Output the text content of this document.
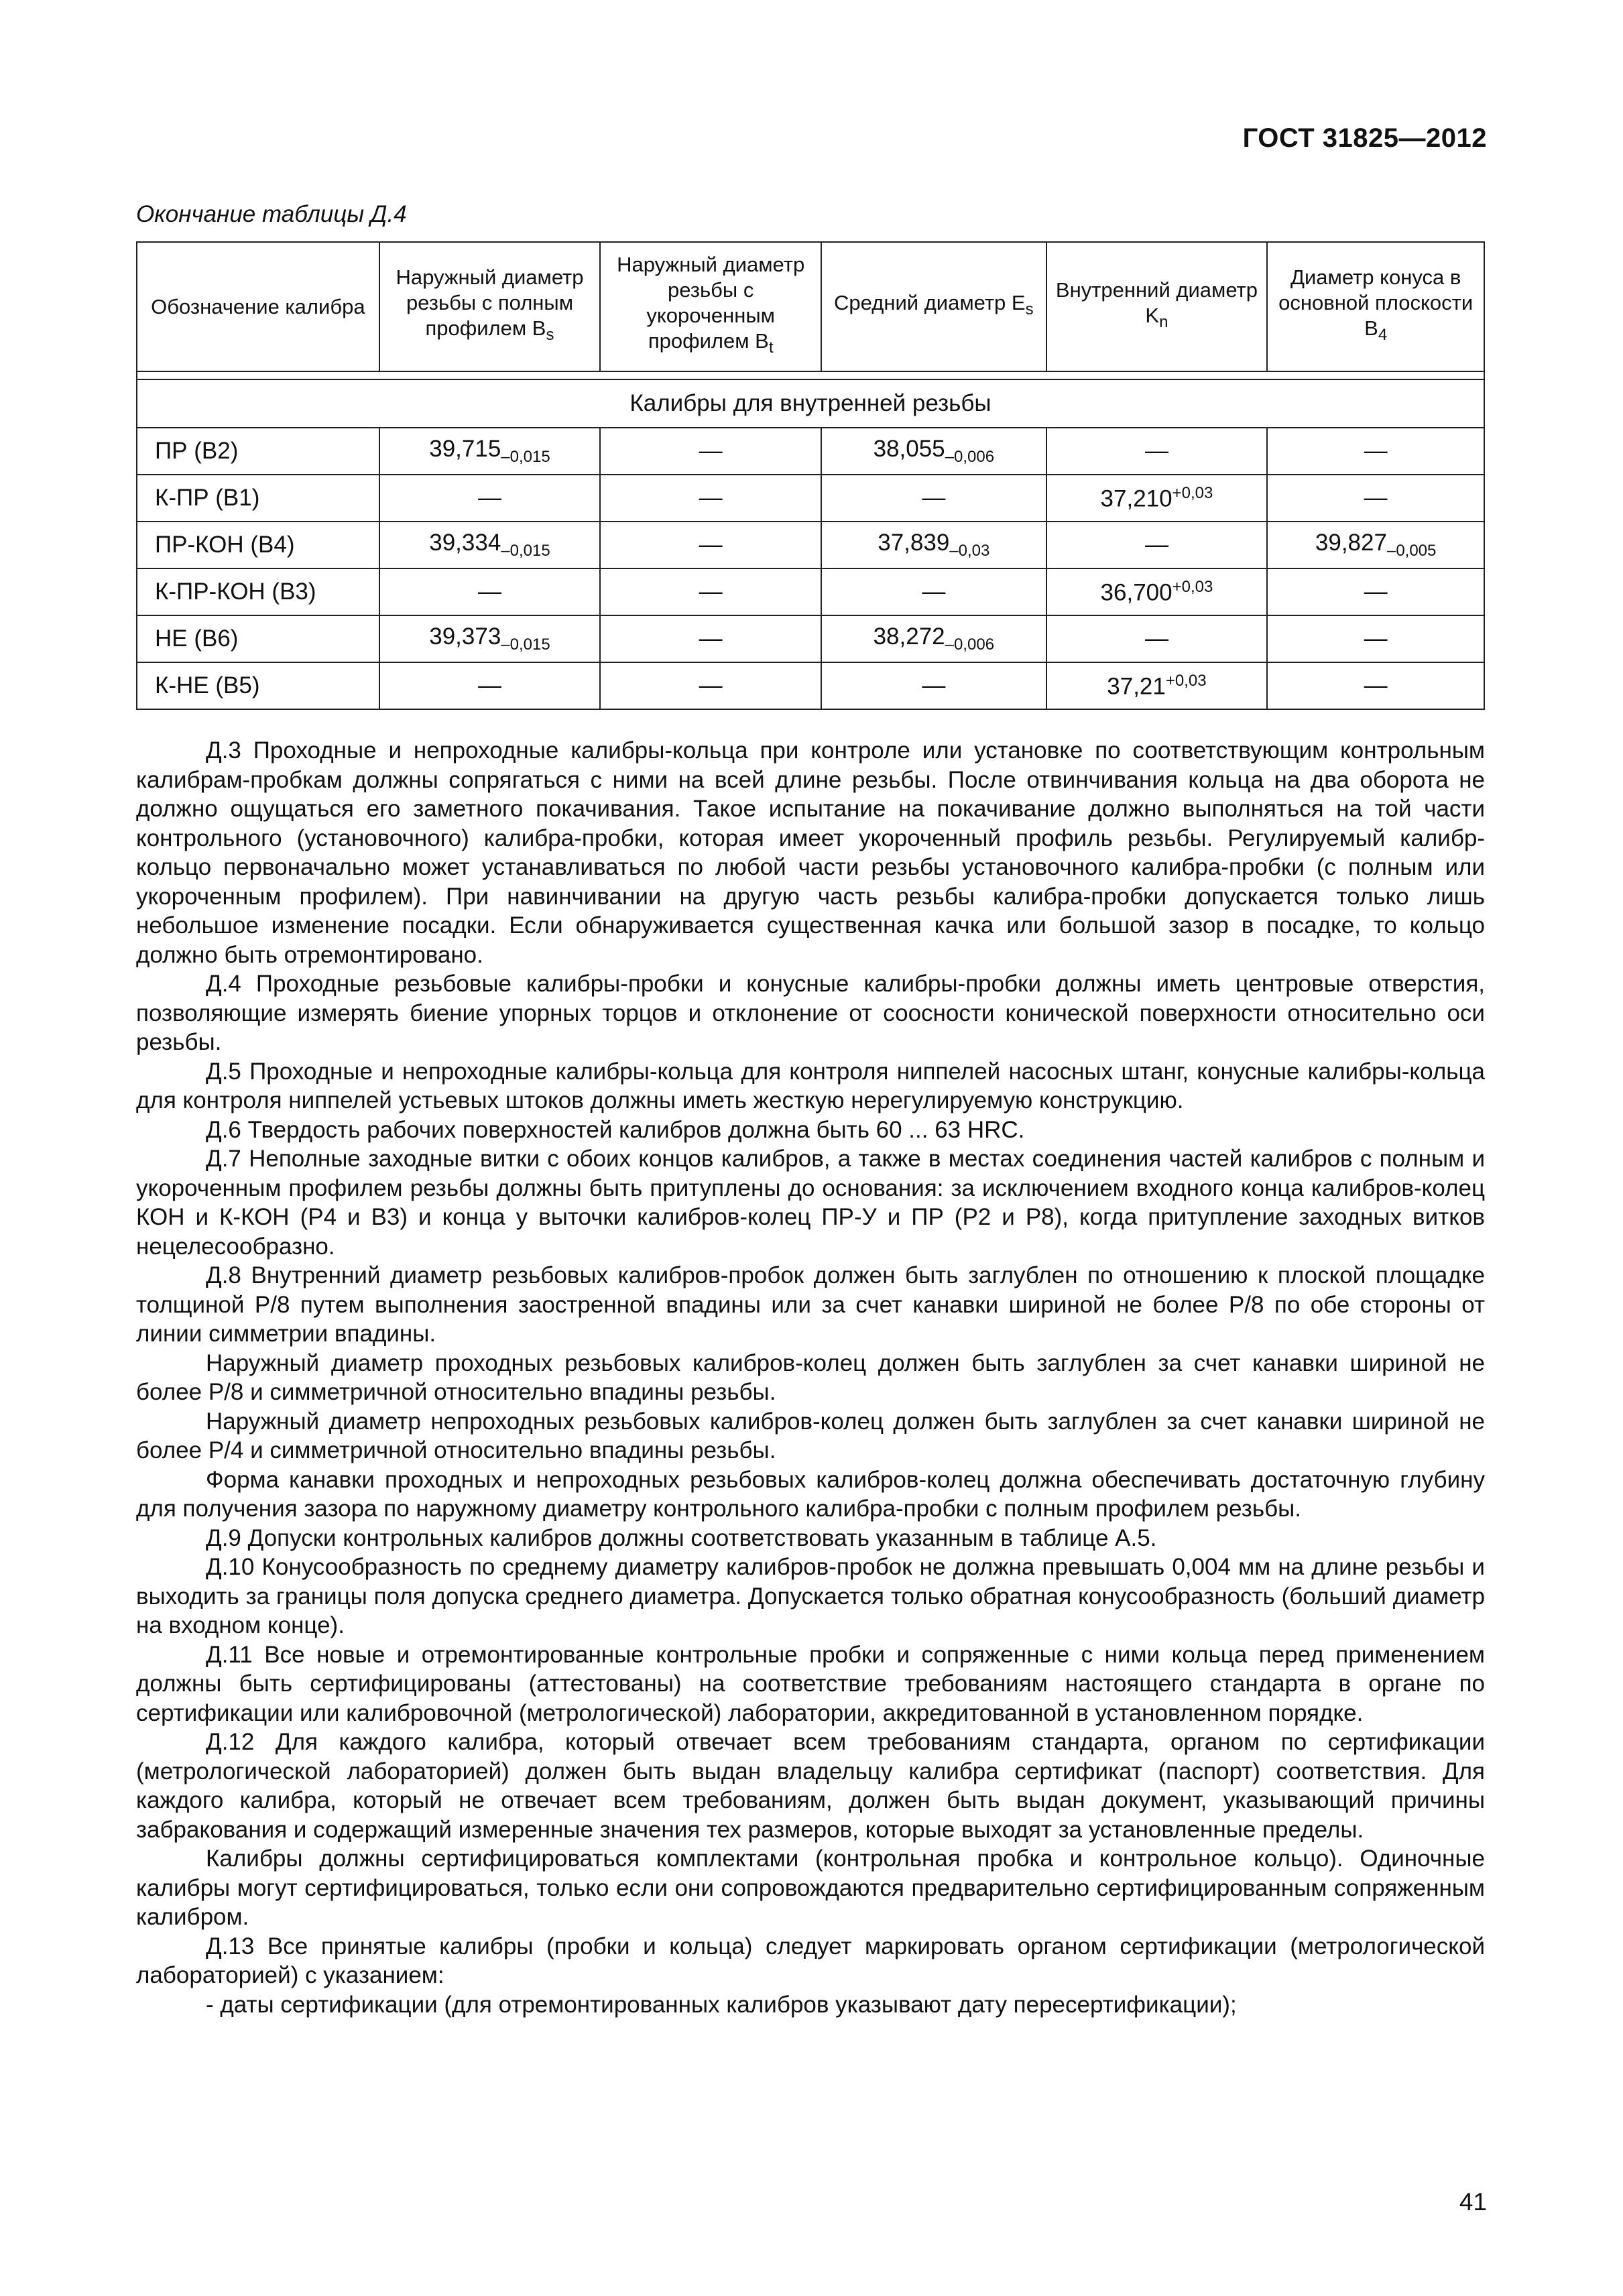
ГОСТ 31825—2012
Окончание таблицы Д.4
Обозначение калибра	Наружный диаметр резьбы с полным профилем $B_s$	Наружный диаметр резьбы с укороченным профилем $B_t$	Средний диаметр $E_s$	Внутренний диаметр $K_n$	Диаметр конуса в основной плоскости $B_4$

Калибры для внутренней резьбы					
ПР (В2)	$39,715_{-0,015}$	—	$38,055_{-0,006}$	—	—
К-ПР (В1)	—	—	—	$37,210^{+0,03}$	—
ПР-КОН (В4)	$39,334_{-0,015}$	—	$37,839_{-0,03}$	—	$39,827_{-0,005}$
К-ПР-КОН (В3)	—	—	—	$36,700^{+0,03}$	—
НЕ (В6)	$39,373_{-0,015}$	—	$38,272_{-0,006}$	—	—
К-НЕ (В5)	—	—	—	$37,21^{+0,03}$	—

Д.3 Проходные и непроходные калибры-кольца при контроле или установке по соответствующим контрольным калибрам-пробкам должны сопрягаться с ними на всей длине резьбы. После отвинчивания кольца на два оборота не должно ощущаться его заметного покачивания. Такое испытание на покачивание должно выполняться на той части контрольного (установочного) калибра-пробки, которая имеет укороченный профиль резьбы. Регулируемый калибр-кольцо первоначально может устанавливаться по любой части резьбы установочного калибра-пробки (с полным или укороченным профилем). При навинчивании на другую часть резьбы калибра-пробки допускается только лишь небольшое изменение посадки. Если обнаруживается существенная качка или большой зазор в посадке, то кольцо должно быть отремонтировано.

Д.4 Проходные резьбовые калибры-пробки и конусные калибры-пробки должны иметь центровые отверстия, позволяющие измерять биение упорных торцов и отклонение от соосности конической поверхности относительно оси резьбы.

Д.5 Проходные и непроходные калибры-кольца для контроля ниппелей насосных штанг, конусные калибры-кольца для контроля ниппелей устьевых штоков должны иметь жесткую нерегулируемую конструкцию.

Д.6 Твердость рабочих поверхностей калибров должна быть 60 ... 63 HRC.

Д.7 Неполные заходные витки с обоих концов калибров, а также в местах соединения частей калибров с полным и укороченным профилем резьбы должны быть притуплены до основания: за исключением входного конца калибров-колец КОН и К-КОН (Р4 и В3) и конца у выточки калибров-колец ПР-У и ПР (Р2 и Р8), когда притупление заходных витков нецелесообразно.

Д.8 Внутренний диаметр резьбовых калибров-пробок должен быть заглублен по отношению к плоской площадке толщиной Р/8 путем выполнения заостренной впадины или за счет канавки шириной не более Р/8 по обе стороны от линии симметрии впадины.

Наружный диаметр проходных резьбовых калибров-колец должен быть заглублен за счет канавки шириной не более Р/8 и симметричной относительно впадины резьбы.

Наружный диаметр непроходных резьбовых калибров-колец должен быть заглублен за счет канавки шириной не более Р/4 и симметричной относительно впадины резьбы.

Форма канавки проходных и непроходных резьбовых калибров-колец должна обеспечивать достаточную глубину для получения зазора по наружному диаметру контрольного калибра-пробки с полным профилем резьбы.

Д.9 Допуски контрольных калибров должны соответствовать указанным в таблице А.5.

Д.10 Конусообразность по среднему диаметру калибров-пробок не должна превышать 0,004 мм на длине резьбы и выходить за границы поля допуска среднего диаметра. Допускается только обратная конусообразность (больший диаметр на входном конце).

Д.11 Все новые и отремонтированные контрольные пробки и сопряженные с ними кольца перед применением должны быть сертифицированы (аттестованы) на соответствие требованиям настоящего стандарта в органе по сертификации или калибровочной (метрологической) лаборатории, аккредитованной в установленном порядке.

Д.12 Для каждого калибра, который отвечает всем требованиям стандарта, органом по сертификации (метрологической лабораторией) должен быть выдан владельцу калибра сертификат (паспорт) соответствия. Для каждого калибра, который не отвечает всем требованиям, должен быть выдан документ, указывающий причины забракования и содержащий измеренные значения тех размеров, которые выходят за установленные пределы.

Калибры должны сертифицироваться комплектами (контрольная пробка и контрольное кольцо). Одиночные калибры могут сертифицироваться, только если они сопровождаются предварительно сертифицированным сопряженным калибром.

Д.13 Все принятые калибры (пробки и кольца) следует маркировать органом сертификации (метрологической лабораторией) с указанием:

- даты сертификации (для отремонтированных калибров указывают дату пересертификации);

41
